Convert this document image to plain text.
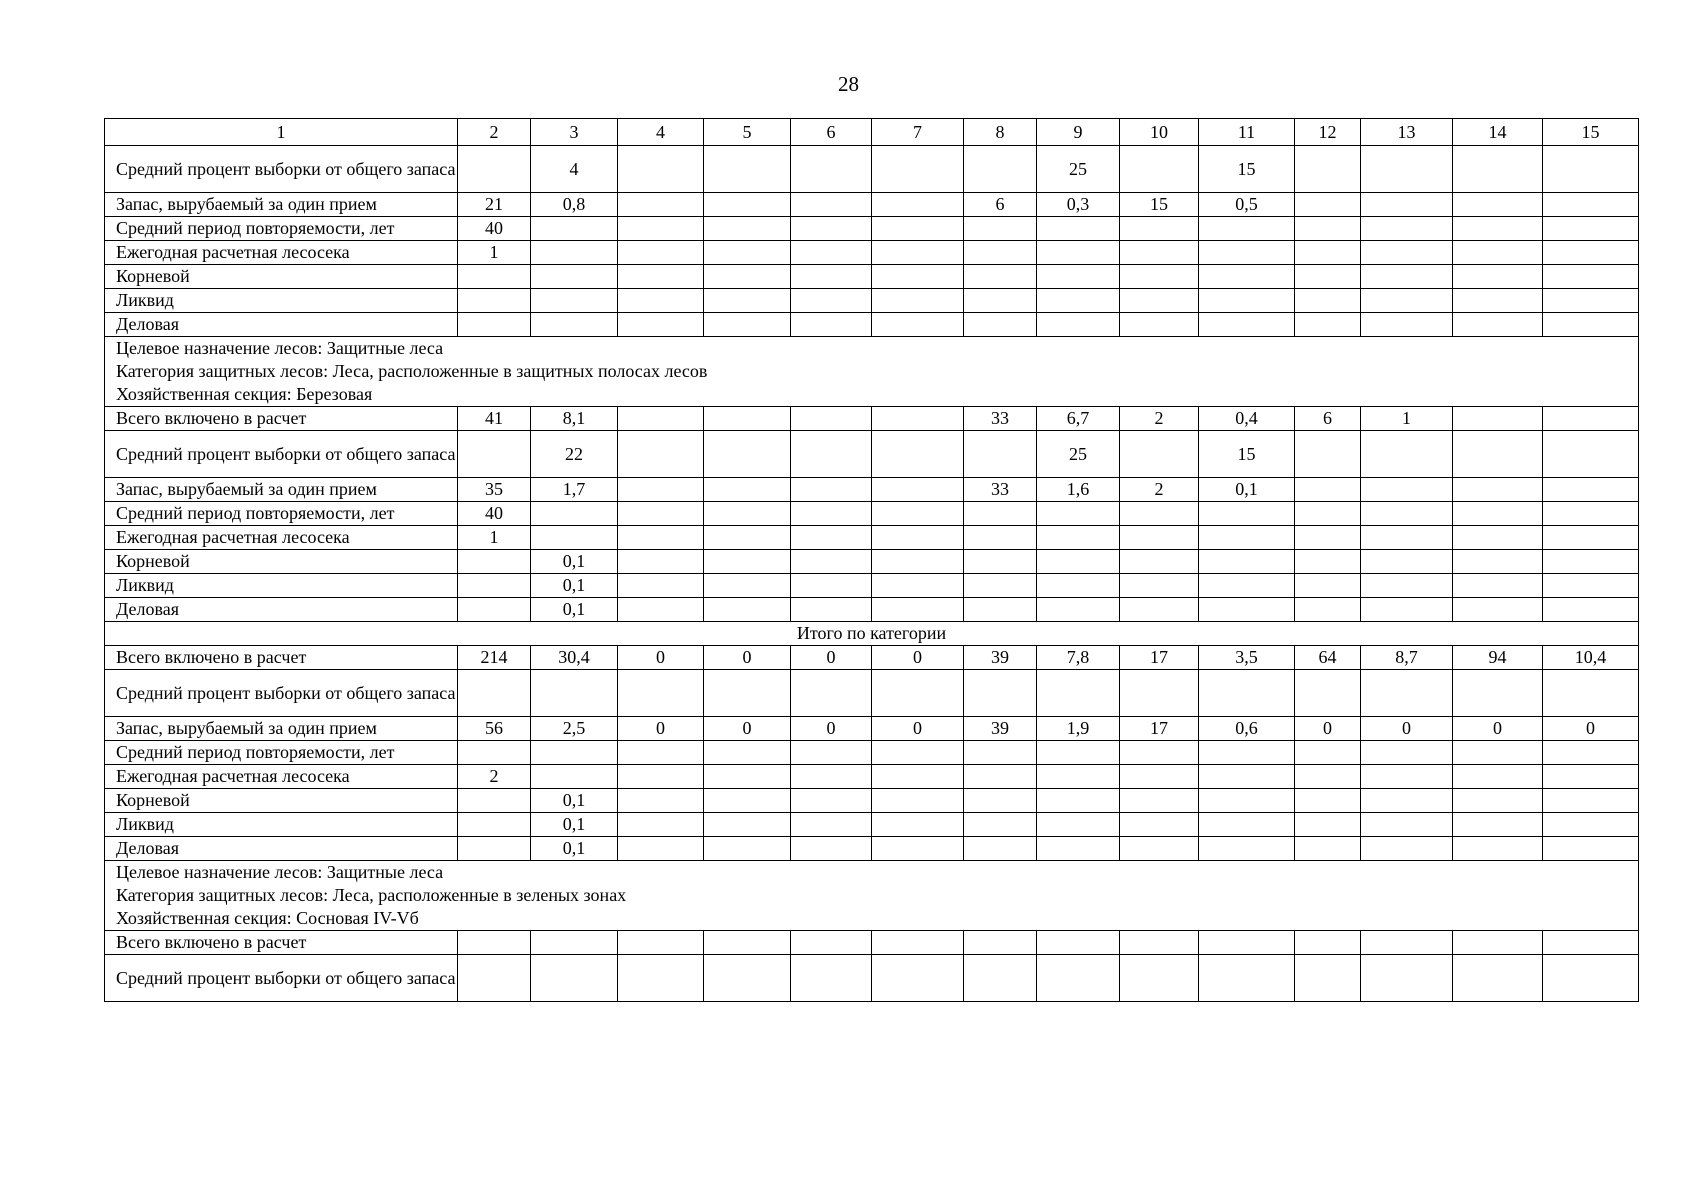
28
1	2	3	4	5	6	7	8	9	10	11	12	13	14	15
Средний процент выборки от общего запаса		4						25		15				
Запас, вырубаемый за один прием	21	0,8					6	0,3	15	0,5				
Средний период повторяемости, лет	40													
Ежегодная расчетная лесосека	1													
Корневой														
Ликвид														
Деловая														

Целевое назначение лесов: Защитные леса
Категория защитных лесов: Леса, расположенные в защитных полосах лесов
Хозяйственная секция: Березовая														

Всего включено в расчет	41	8,1					33	6,7	2	0,4	6	1		
Средний процент выборки от общего запаса		22						25		15				
Запас, вырубаемый за один прием	35	1,7					33	1,6	2	0,1				
Средний период повторяемости, лет	40													
Ежегодная расчетная лесосека	1													
Корневой		0,1												
Ликвид		0,1												
Деловая		0,1												
Итого по категории														
Всего включено в расчет	214	30,4	0	0	0	0	39	7,8	17	3,5	64	8,7	94	10,4
Средний процент выборки от общего запаса														
Запас, вырубаемый за один прием	56	2,5	0	0	0	0	39	1,9	17	0,6	0	0	0	0
Средний период повторяемости, лет														
Ежегодная расчетная лесосека	2													
Корневой		0,1												
Ликвид		0,1												
Деловая		0,1												

Целевое назначение лесов: Защитные леса
Категория защитных лесов: Леса, расположенные в зеленых зонах
Хозяйственная секция: Сосновая IV-Vб														

Всего включено в расчет														
Средний процент выборки от общего запаса														
